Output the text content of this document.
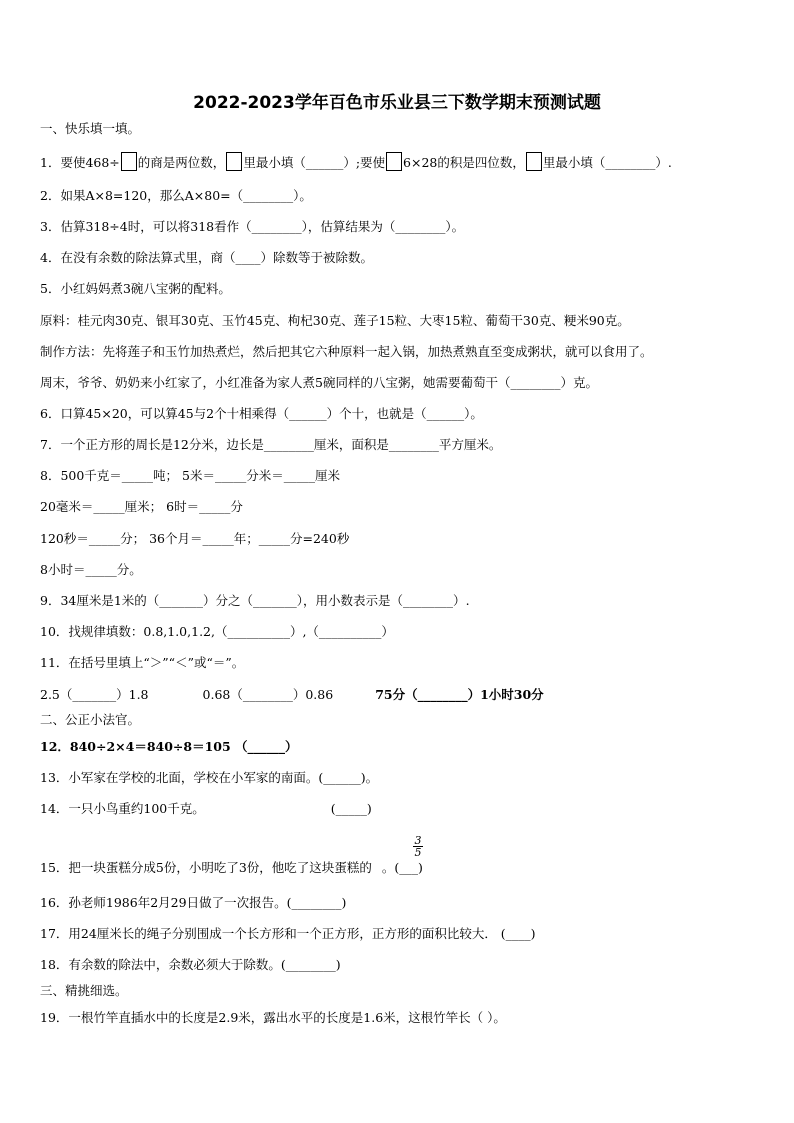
2022-2023学年百色市乐业县三下数学期末预测试题
一、快乐填一填。
1．要使468÷ 的商是两位数， 里最小填（______）;要使 6×28的积是四位数， 里最小填（________）.
2．如果A×8=120，那么A×80=（________）。
3．估算318÷4时，可以将318看作（________），估算结果为（________）。
4．在没有余数的除法算式里，商（____）除数等于被除数。
5．小红妈妈煮3碗八宝粥的配料。
原料：桂元肉30克、银耳30克、玉竹45克、枸杞30克、莲子15粒、大枣15粒、葡萄干30克、粳米90克。
制作方法：先将莲子和玉竹加热煮烂，然后把其它六种原料一起入锅，加热煮熟直至变成粥状，就可以食用了。
周末，爷爷、奶奶来小红家了，小红准备为家人煮5碗同样的八宝粥，她需要葡萄干（________）克。
6．口算45×20，可以算45与2个十相乘得（______）个十，也就是（______）。
7．一个正方形的周长是12分米，边长是________厘米，面积是________平方厘米。
8．500千克＝_____吨； 5米＝_____分米＝_____厘米
20毫米＝_____厘米； 6时＝_____分
120秒＝_____分； 36个月＝_____年；_____分=240秒
8小时＝_____分。
9．34厘米是1米的（_______）分之（_______），用小数表示是（________）.
10．找规律填数：0.8,1.0,1.2,（__________）,（__________）
11．在括号里填上“＞”“＜”或“＝”。
2.5（_______）1.8	0.68（________）0.86	75分（________）1小时30分
二、公正小法官。
12．840÷2×4＝840÷8＝105 （______）
13．小军家在学校的北面，学校在小军家的南面。(______)。
14．一只小鸟重约100千克。	(_____)
$\frac{3}{5}$
15．把一块蛋糕分成5份，小明吃了3份，他吃了这块蛋糕的 。(___)
16．孙老师1986年2月29日做了一次报告。(________)
17．用24厘米长的绳子分别围成一个长方形和一个正方形，正方形的面积比较大． (____)
18．有余数的除法中，余数必须大于除数。(________)
三、精挑细选。
19．一根竹竿直插水中的长度是2.9米，露出水平的长度是1.6米，这根竹竿长（ ）。
